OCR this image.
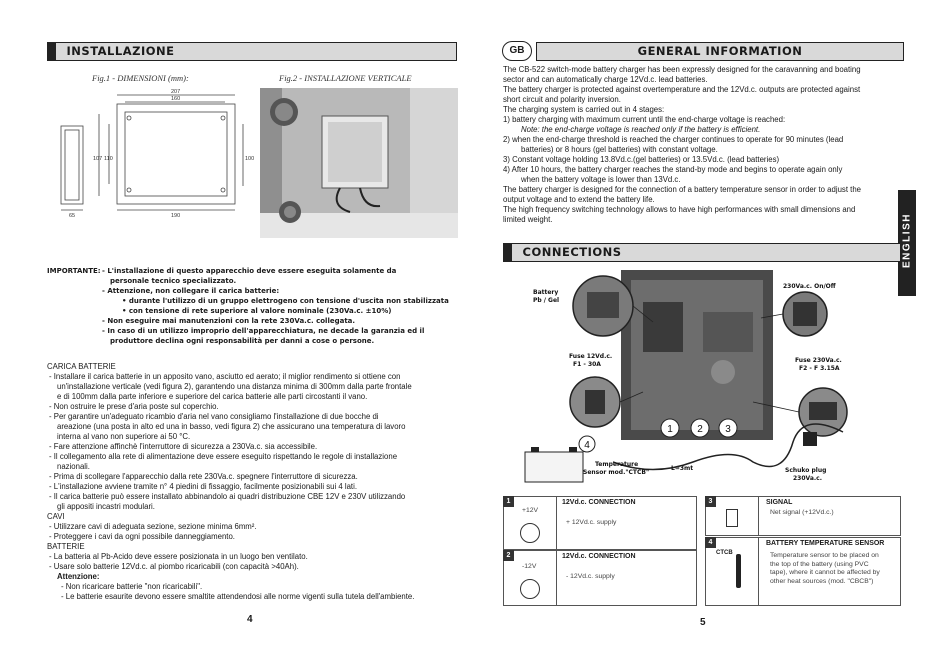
INSTALLAZIONE
Fig.1 - DIMENSIONI (mm):	Fig.2 - INSTALLAZIONE VERTICALE
207
160
190
65
107 110	100
IMPORTANTE: - L'installazione di questo apparecchio deve essere eseguita solamente da
personale tecnico specializzato.
- Attenzione, non collegare il carica batterie:
• durante l'utilizzo di un gruppo elettrogeno con tensione d'uscita non stabilizzata
• con tensione di rete superiore al valore nominale (230Va.c. ±10%)
- Non eseguire mai manutenzioni con la rete 230Va.c. collegata.
- In caso di un utilizzo improprio dell'apparecchiatura, ne decade la garanzia ed il
produttore declina ogni responsabilità per danni a cose o persone.

CARICA BATTERIE

- Installare il carica batterie in un apposito vano, asciutto ed aerato; il miglior rendimento si ottiene con

un'installazione verticale (vedi figura 2), garantendo una distanza minima di 300mm dalla parte frontale

e di 100mm dalla parte inferiore e superiore del carica batterie alle parti circostanti il vano.

- Non ostruire le prese d'aria poste sul coperchio.

- Per garantire un'adeguato ricambio d'aria nel vano consigliamo l'installazione di due bocche di

areazione (una posta in alto ed una in basso, vedi figura 2) che assicurano una temperatura di lavoro

interna al vano non superiore ai 50 °C.

- Fare attenzione affinchè l'interruttore di sicurezza a 230Va.c. sia accessibile.

- Il collegamento alla rete di alimentazione deve essere eseguito rispettando le regole di installazione

nazionali.

- Prima di scollegare l'apparecchio dalla rete 230Va.c. spegnere l'interruttore di sicurezza.

- L'installazione avviene tramite n° 4 piedini di fissaggio, facilmente posizionabili sui 4 lati.

- Il carica batterie può essere installato abbinandolo ai quadri distribuzione CBE 12V e 230V utilizzando

gli appositi incastri modulari.

CAVI

- Utilizzare cavi di adeguata sezione, sezione minima 6mm².

- Proteggere i cavi da ogni possibile danneggiamento.

BATTERIE

- La batteria al Pb-Acido deve essere posizionata in un luogo ben ventilato.

- Usare solo batterie 12Vd.c. al piombo ricaricabili (con capacità >40Ah).

Attenzione:

- Non ricaricare batterie "non ricaricabili".

- Le batterie esaurite devono essere smaltite attendendosi alle norme vigenti sulla tutela dell'ambiente.

4
GB	GENERAL INFORMATION

The CB-522 switch-mode battery charger has been expressly designed for the caravanning and boating

sector and can automatically charge 12Vd.c. lead batteries.

The battery charger is protected against overtemperature and the 12Vd.c. outputs are protected against

short circuit and polarity inversion.

The charging system is carried out in 4 stages:

1) battery charging with maximum current until the end-charge voltage is reached:

Note: the end-charge voltage is reached only if the battery is efficient.

2) when the end-charge threshold is reached the charger continues to operate for 90 minutes (lead

batteries) or 8 hours (gel batteries) with constant voltage.

3) Constant voltage holding 13.8Vd.c.(gel batteries) or 13.5Vd.c. (lead batteries)

4) After 10 hours, the battery charger reaches the stand-by mode and begins to operate again only

when the battery voltage is lower than 13Vd.c.

The battery charger is designed for the connection of a battery temperature sensor in order to adjust the

output voltage and to extend the battery life.

The high frequency switching technology allows to have high performances with small dimensions and

limited weight.	ENGLISH
CONNECTIONS
1 2 3
4
Battery
Pb / Gel
230Va.c. On/Off
Fuse 12Vd.c.
F1 - 30A
Fuse 230Va.c.
F2 - F 3.15A
Temperature
Sensor mod."CTCB"
L=3mt	Schuko plug
230Va.c.
1	12Vd.c. CONNECTION
+12V
+ 12Vd.c. supply
2	12Vd.c. CONNECTION
-12V
- 12Vd.c. supply
3	SIGNAL
Net signal (+12Vd.c.)
4	BATTERY TEMPERATURE SENSOR
CTCB	Temperature sensor to be placed on
the top of the battery (using PVC
tape), where it cannot be affected by
other heat sources (mod. "CBCB")
5
